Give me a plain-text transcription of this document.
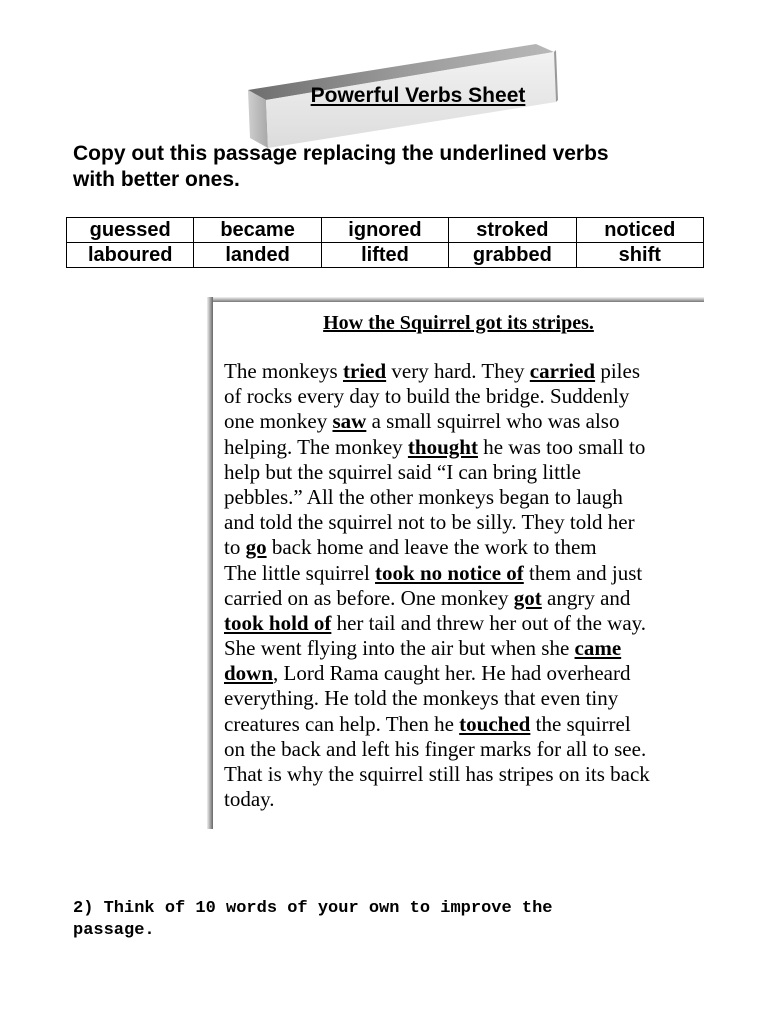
Powerful Verbs Sheet
Copy out this passage replacing the underlined verbs
with better ones.
guessed	became	ignored	stroked	noticed
laboured	landed	lifted	grabbed	shift
How the Squirrel got its stripes.
The monkeys tried very hard. They carried piles
of rocks every day to build the bridge. Suddenly
one monkey saw a small squirrel who was also
helping. The monkey thought he was too small to
help but the squirrel said “I can bring little
pebbles.” All the other monkeys began to laugh
and told the squirrel not to be silly. They told her
to go back home and leave the work to them
The little squirrel took no notice of them and just
carried on as before. One monkey got angry and
took hold of her tail and threw her out of the way.
She went flying into the air but when she came
down, Lord Rama caught her. He had overheard
everything. He told the monkeys that even tiny
creatures can help. Then he touched the squirrel
on the back and left his finger marks for all to see.
That is why the squirrel still has stripes on its back
today.
2) Think of 10 words of your own to improve the
passage.
